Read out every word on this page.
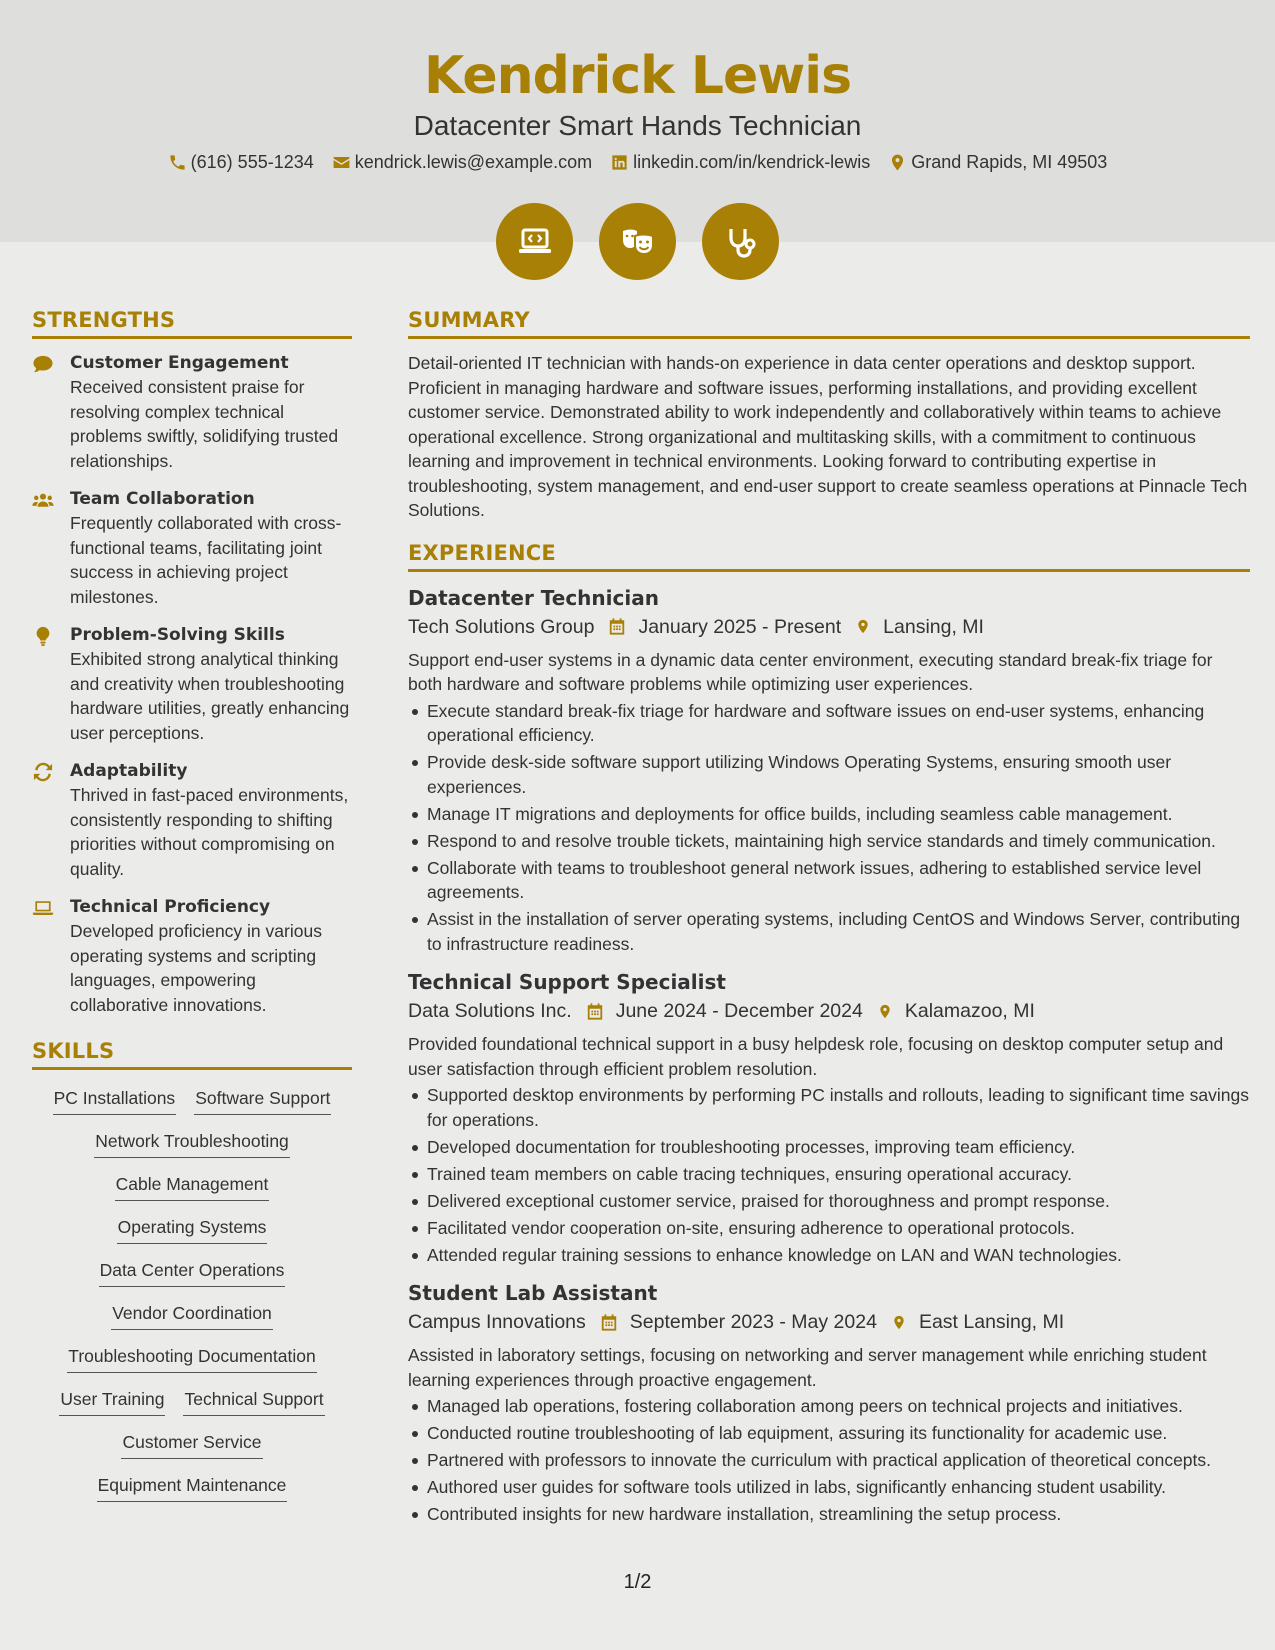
Kendrick Lewis
Datacenter Smart Hands Technician
(616) 555-1234 kendrick.lewis@example.com linkedin.com/in/kendrick-lewis Grand Rapids, MI 49503
STRENGTHS
Customer Engagement
Received consistent praise for resolving complex technical problems swiftly, solidifying trusted relationships.
Team Collaboration
Frequently collaborated with cross-functional teams, facilitating joint success in achieving project milestones.
Problem-Solving Skills
Exhibited strong analytical thinking and creativity when troubleshooting hardware utilities, greatly enhancing user perceptions.
Adaptability
Thrived in fast-paced environments, consistently responding to shifting priorities without compromising on quality.
Technical Proficiency
Developed proficiency in various operating systems and scripting languages, empowering collaborative innovations.
SKILLS
PC Installations Software Support
Network Troubleshooting
Cable Management
Operating Systems
Data Center Operations
Vendor Coordination
Troubleshooting Documentation
User Training Technical Support
Customer Service
Equipment Maintenance
SUMMARY
Detail-oriented IT technician with hands-on experience in data center operations and desktop support. Proficient in managing hardware and software issues, performing installations, and providing excellent customer service. Demonstrated ability to work independently and collaboratively within teams to achieve operational excellence. Strong organizational and multitasking skills, with a commitment to continuous learning and improvement in technical environments. Looking forward to contributing expertise in troubleshooting, system management, and end-user support to create seamless operations at Pinnacle Tech Solutions.
EXPERIENCE
Datacenter Technician
Tech Solutions Group January 2025 - Present Lansing, MI
Support end-user systems in a dynamic data center environment, executing standard break-fix triage for both hardware and software problems while optimizing user experiences.
Execute standard break-fix triage for hardware and software issues on end-user systems, enhancing operational efficiency.
Provide desk-side software support utilizing Windows Operating Systems, ensuring smooth user experiences.
Manage IT migrations and deployments for office builds, including seamless cable management.
Respond to and resolve trouble tickets, maintaining high service standards and timely communication.
Collaborate with teams to troubleshoot general network issues, adhering to established service level agreements.
Assist in the installation of server operating systems, including CentOS and Windows Server, contributing to infrastructure readiness.
Technical Support Specialist
Data Solutions Inc. June 2024 - December 2024 Kalamazoo, MI
Provided foundational technical support in a busy helpdesk role, focusing on desktop computer setup and user satisfaction through efficient problem resolution.
Supported desktop environments by performing PC installs and rollouts, leading to significant time savings for operations.
Developed documentation for troubleshooting processes, improving team efficiency.
Trained team members on cable tracing techniques, ensuring operational accuracy.
Delivered exceptional customer service, praised for thoroughness and prompt response.
Facilitated vendor cooperation on-site, ensuring adherence to operational protocols.
Attended regular training sessions to enhance knowledge on LAN and WAN technologies.
Student Lab Assistant
Campus Innovations September 2023 - May 2024 East Lansing, MI
Assisted in laboratory settings, focusing on networking and server management while enriching student learning experiences through proactive engagement.
Managed lab operations, fostering collaboration among peers on technical projects and initiatives.
Conducted routine troubleshooting of lab equipment, assuring its functionality for academic use.
Partnered with professors to innovate the curriculum with practical application of theoretical concepts.
Authored user guides for software tools utilized in labs, significantly enhancing student usability.
Contributed insights for new hardware installation, streamlining the setup process.
1/2
